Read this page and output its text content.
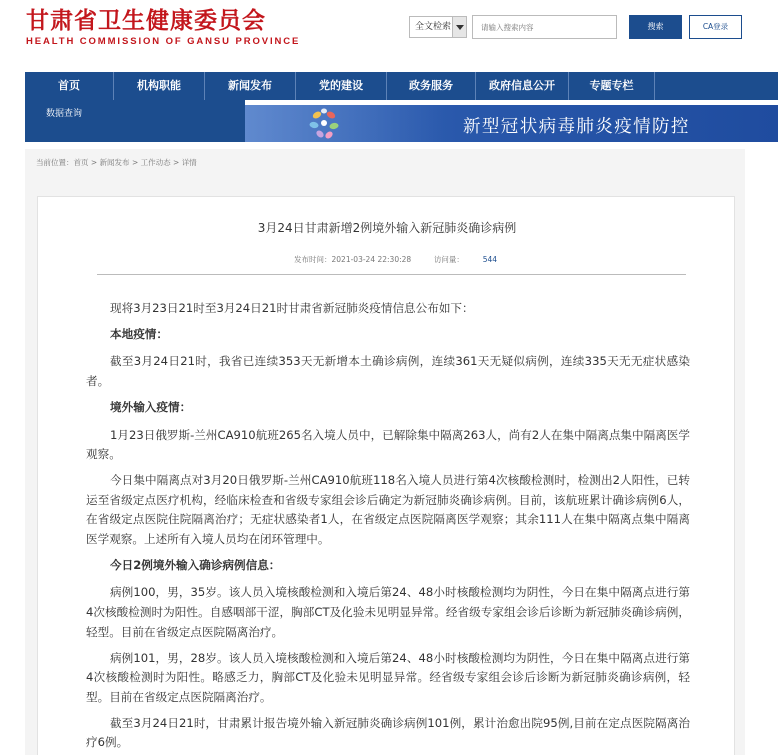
甘肃省卫生健康委员会
HEALTH COMMISSION OF GANSU PROVINCE
全文检索
请输入搜索内容	搜索	CA登录
首页	机构职能	新闻发布	党的建设	政务服务	政府信息公开	专题专栏
数据查询
新型冠状病毒肺炎疫情防控
当前位置：首页 > 新闻发布 > 工作动态 > 详情
3月24日甘肃新增2例境外输入新冠肺炎确诊病例
发布时间：2021-03-24 22:30:28	访问量：	544

现将3月23日21时至3月24日21时甘肃省新冠肺炎疫情信息公布如下：

本地疫情：

截至3月24日21时，我省已连续353天无新增本土确诊病例，连续361天无疑似病例，连续335天无无症状感染者。

境外输入疫情：

1月23日俄罗斯-兰州CA910航班265名入境人员中，已解除集中隔离263人，尚有2人在集中隔离点集中隔离医学观察。

今日集中隔离点对3月20日俄罗斯-兰州CA910航班118名入境人员进行第4次核酸检测时，检测出2人阳性，已转运至省级定点医疗机构，经临床检查和省级专家组会诊后确定为新冠肺炎确诊病例。目前，该航班累计确诊病例6人，在省级定点医院住院隔离治疗；无症状感染者1人，在省级定点医院隔离医学观察；其余111人在集中隔离点集中隔离医学观察。上述所有入境人员均在闭环管理中。

今日2例境外输入确诊病例信息：

病例100，男，35岁。该人员入境核酸检测和入境后第24、48小时核酸检测均为阴性，今日在集中隔离点进行第4次核酸检测时为阳性。自感咽部干涩，胸部CT及化验未见明显异常。经省级专家组会诊后诊断为新冠肺炎确诊病例，轻型。目前在省级定点医院隔离治疗。

病例101，男，28岁。该人员入境核酸检测和入境后第24、48小时核酸检测均为阴性，今日在集中隔离点进行第4次核酸检测时为阳性。略感乏力，胸部CT及化验未见明显异常。经省级专家组会诊后诊断为新冠肺炎确诊病例，轻型。目前在省级定点医院隔离治疗。

截至3月24日21时，甘肃累计报告境外输入新冠肺炎确诊病例101例，累计治愈出院95例,目前在定点医院隔离治疗6例。
